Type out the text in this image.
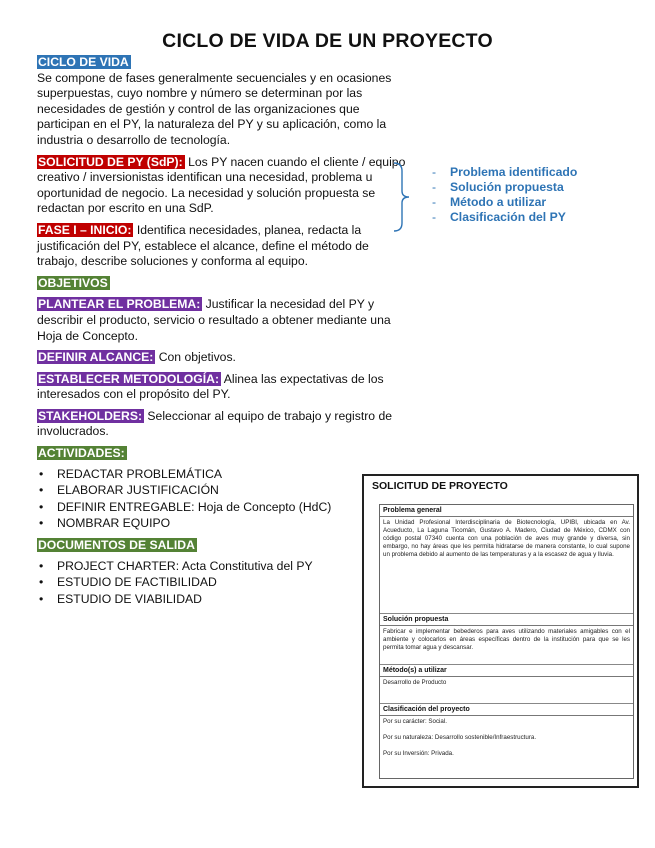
CICLO DE VIDA DE UN PROYECTO
CICLO DE VIDA
Se compone de fases generalmente secuenciales y en ocasiones superpuestas, cuyo nombre y número se determinan por las necesidades de gestión y control de las organizaciones que participan en el PY, la naturaleza del PY y su aplicación, como la industria o desarrollo de tecnología.
SOLICITUD DE PY (SdP): Los PY nacen cuando el cliente / equipo creativo / inversionistas identifican una necesidad, problema u oportunidad de negocio. La necesidad y solución propuesta se redactan por escrito en una SdP.
FASE I – INICIO: Identifica necesidades, planea, redacta la justificación del PY, establece el alcance, define el método de trabajo, describe soluciones y conforma al equipo.
OBJETIVOS
PLANTEAR EL PROBLEMA: Justificar la necesidad del PY y describir el producto, servicio o resultado a obtener mediante una Hoja de Concepto.
DEFINIR ALCANCE: Con objetivos.
ESTABLECER METODOLOGÍA: Alinea las expectativas de los interesados con el propósito del PY.
STAKEHOLDERS: Seleccionar al equipo de trabajo y registro de involucrados.
ACTIVIDADES:
• REDACTAR PROBLEMÁTICA
• ELABORAR JUSTIFICACIÓN
• DEFINIR ENTREGABLE: Hoja de Concepto (HdC)
• NOMBRAR EQUIPO
DOCUMENTOS DE SALIDA
• PROJECT CHARTER: Acta Constitutiva del PY
• ESTUDIO DE FACTIBILIDAD
• ESTUDIO DE VIABILIDAD
- Problema identificado
- Solución propuesta
- Método a utilizar
- Clasificación del PY
SOLICITUD DE PROYECTO
Problema general
La Unidad Profesional Interdisciplinaria de Biotecnología, UPIBI, ubicada en Av. Acueducto, La Laguna Ticomán, Gustavo A. Madero, Ciudad de México, CDMX con código postal 07340 cuenta con una población de aves muy grande y diversa, sin embargo, no hay áreas que les permita hidratarse de manera constante, lo cual supone un problema debido al aumento de las temperaturas y a la escasez de agua y lluvia.
Solución propuesta
Fabricar e implementar bebederos para aves utilizando materiales amigables con el ambiente y colocarlos en áreas específicas dentro de la institución para que se les permita tomar agua y descansar.
Método(s) a utilizar
Desarrollo de Producto
Clasificación del proyecto
Por su carácter: Social.
Por su naturaleza: Desarrollo sostenible/Infraestructura.
Por su Inversión: Privada.
